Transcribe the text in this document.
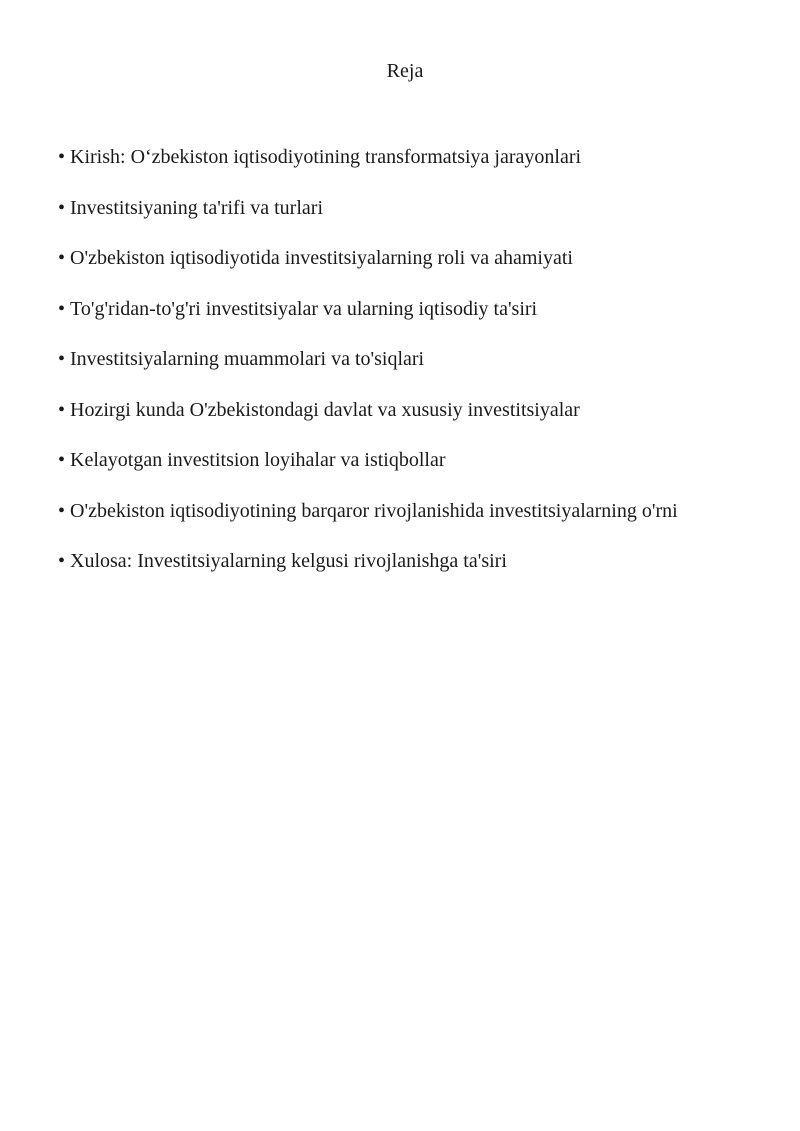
Reja
• Kirish: O‘zbekiston iqtisodiyotining transformatsiya jarayonlari
• Investitsiyaning ta'rifi va turlari
• O'zbekiston iqtisodiyotida investitsiyalarning roli va ahamiyati
• To'g'ridan-to'g'ri investitsiyalar va ularning iqtisodiy ta'siri
• Investitsiyalarning muammolari va to'siqlari
• Hozirgi kunda O'zbekistondagi davlat va xususiy investitsiyalar
• Kelayotgan investitsion loyihalar va istiqbollar
• O'zbekiston iqtisodiyotining barqaror rivojlanishida investitsiyalarning o'rni
• Xulosa: Investitsiyalarning kelgusi rivojlanishga ta'siri
